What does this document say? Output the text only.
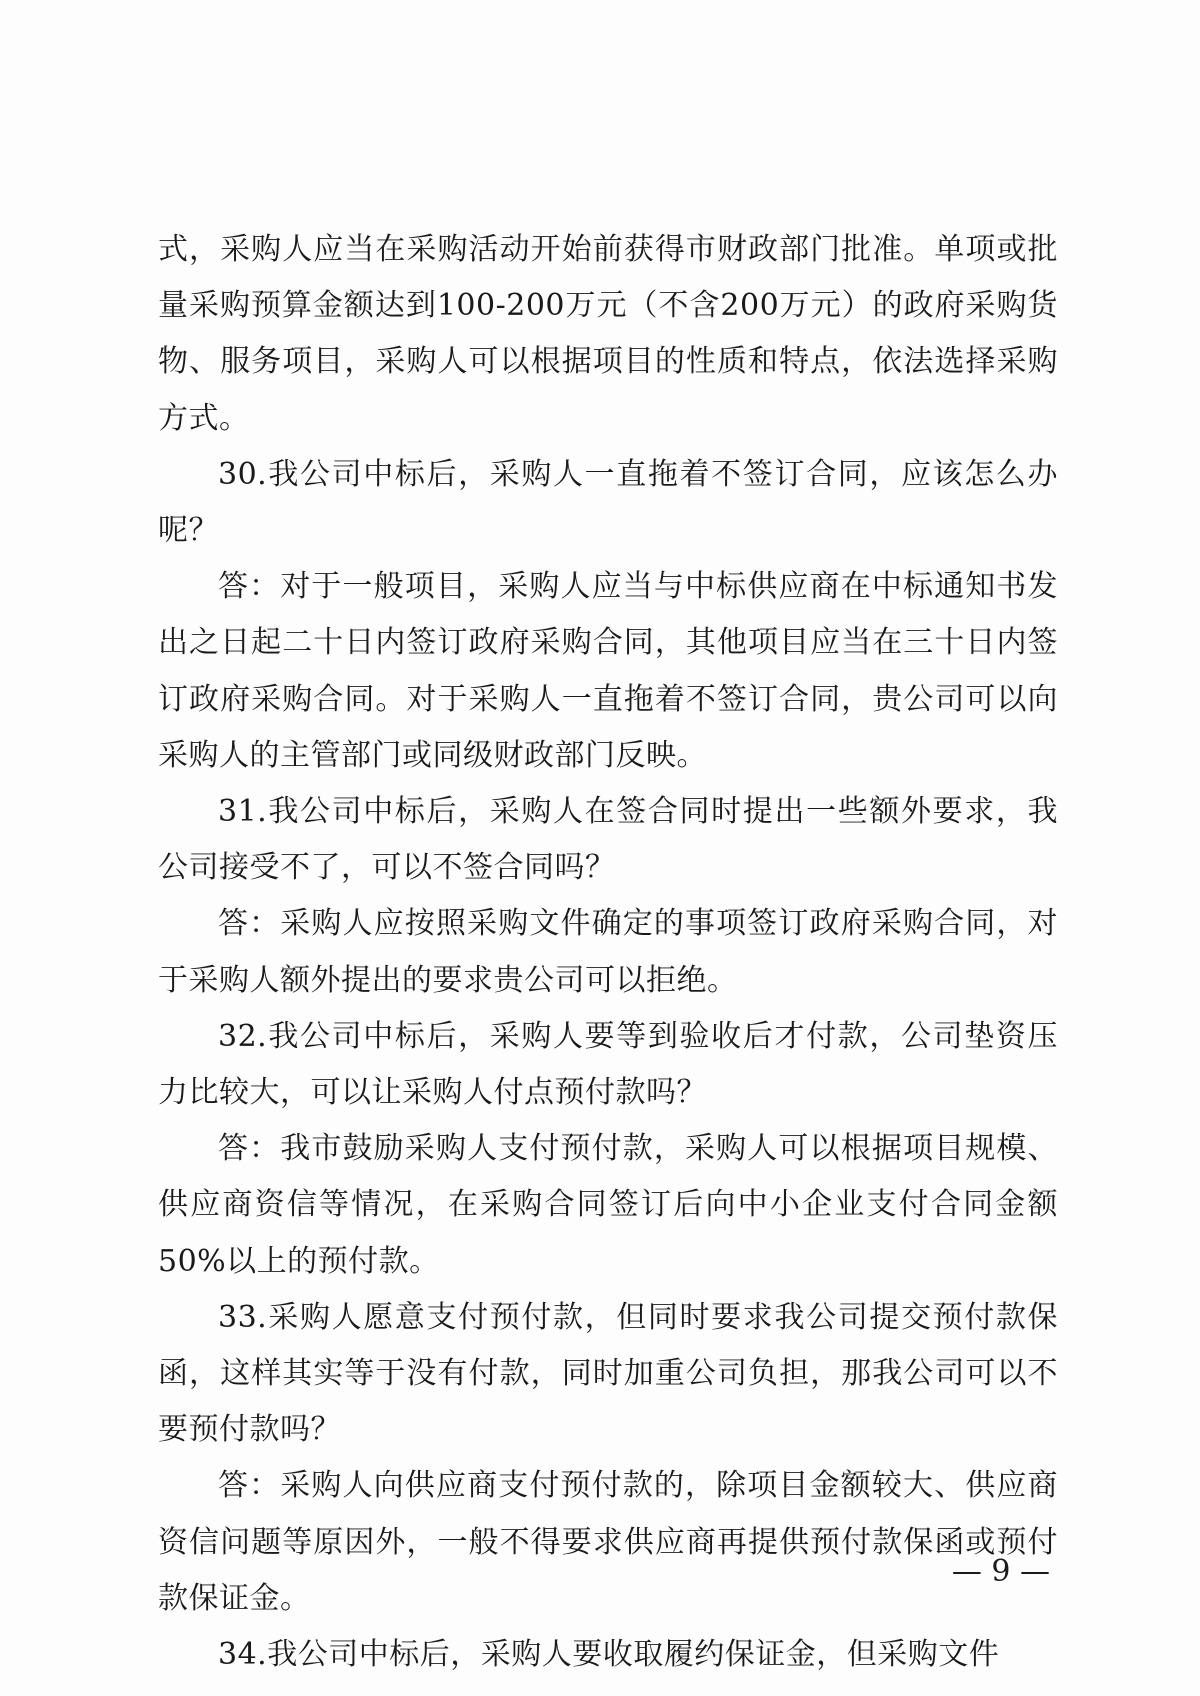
式，采购人应当在采购活动开始前获得市财政部门批准。单项或批量采购预算金额达到100-200万元（不含200万元）的政府采购货物、服务项目，采购人可以根据项目的性质和特点，依法选择采购方式。

30.我公司中标后，采购人一直拖着不签订合同，应该怎么办呢？

答：对于一般项目，采购人应当与中标供应商在中标通知书发出之日起二十日内签订政府采购合同，其他项目应当在三十日内签订政府采购合同。对于采购人一直拖着不签订合同，贵公司可以向采购人的主管部门或同级财政部门反映。

31.我公司中标后，采购人在签合同时提出一些额外要求，我公司接受不了，可以不签合同吗？

答：采购人应按照采购文件确定的事项签订政府采购合同，对于采购人额外提出的要求贵公司可以拒绝。

32.我公司中标后，采购人要等到验收后才付款，公司垫资压力比较大，可以让采购人付点预付款吗？

答：我市鼓励采购人支付预付款，采购人可以根据项目规模、供应商资信等情况，在采购合同签订后向中小企业支付合同金额50%以上的预付款。

33.采购人愿意支付预付款，但同时要求我公司提交预付款保函，这样其实等于没有付款，同时加重公司负担，那我公司可以不要预付款吗？

答：采购人向供应商支付预付款的，除项目金额较大、供应商资信问题等原因外，一般不得要求供应商再提供预付款保函或预付款保证金。

34.我公司中标后，采购人要收取履约保证金，但采购文件

— 9 —
